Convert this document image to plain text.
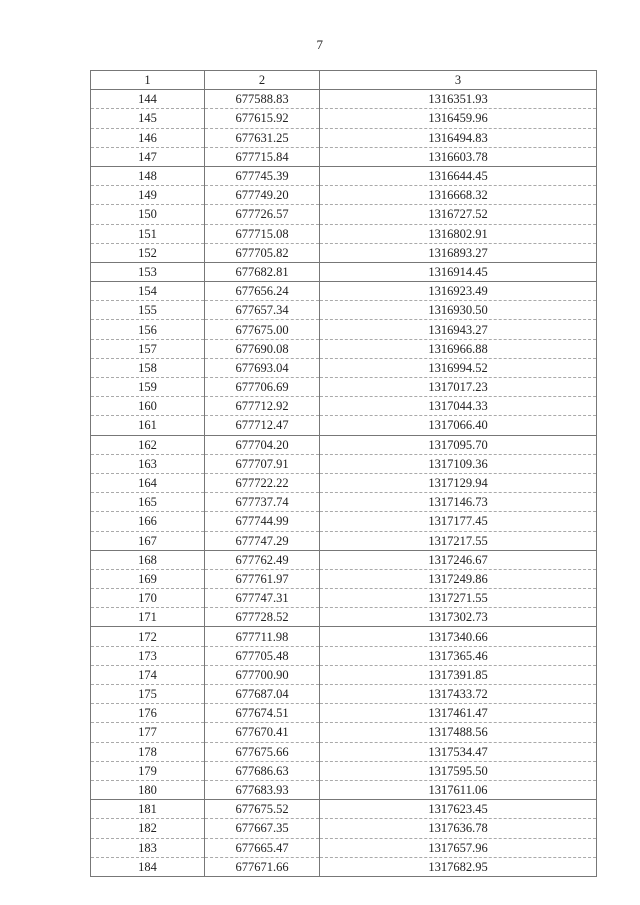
7
1	2	3
144	677588.83	1316351.93
145	677615.92	1316459.96
146	677631.25	1316494.83
147	677715.84	1316603.78
148	677745.39	1316644.45
149	677749.20	1316668.32
150	677726.57	1316727.52
151	677715.08	1316802.91
152	677705.82	1316893.27
153	677682.81	1316914.45
154	677656.24	1316923.49
155	677657.34	1316930.50
156	677675.00	1316943.27
157	677690.08	1316966.88
158	677693.04	1316994.52
159	677706.69	1317017.23
160	677712.92	1317044.33
161	677712.47	1317066.40
162	677704.20	1317095.70
163	677707.91	1317109.36
164	677722.22	1317129.94
165	677737.74	1317146.73
166	677744.99	1317177.45
167	677747.29	1317217.55
168	677762.49	1317246.67
169	677761.97	1317249.86
170	677747.31	1317271.55
171	677728.52	1317302.73
172	677711.98	1317340.66
173	677705.48	1317365.46
174	677700.90	1317391.85
175	677687.04	1317433.72
176	677674.51	1317461.47
177	677670.41	1317488.56
178	677675.66	1317534.47
179	677686.63	1317595.50
180	677683.93	1317611.06
181	677675.52	1317623.45
182	677667.35	1317636.78
183	677665.47	1317657.96
184	677671.66	1317682.95
